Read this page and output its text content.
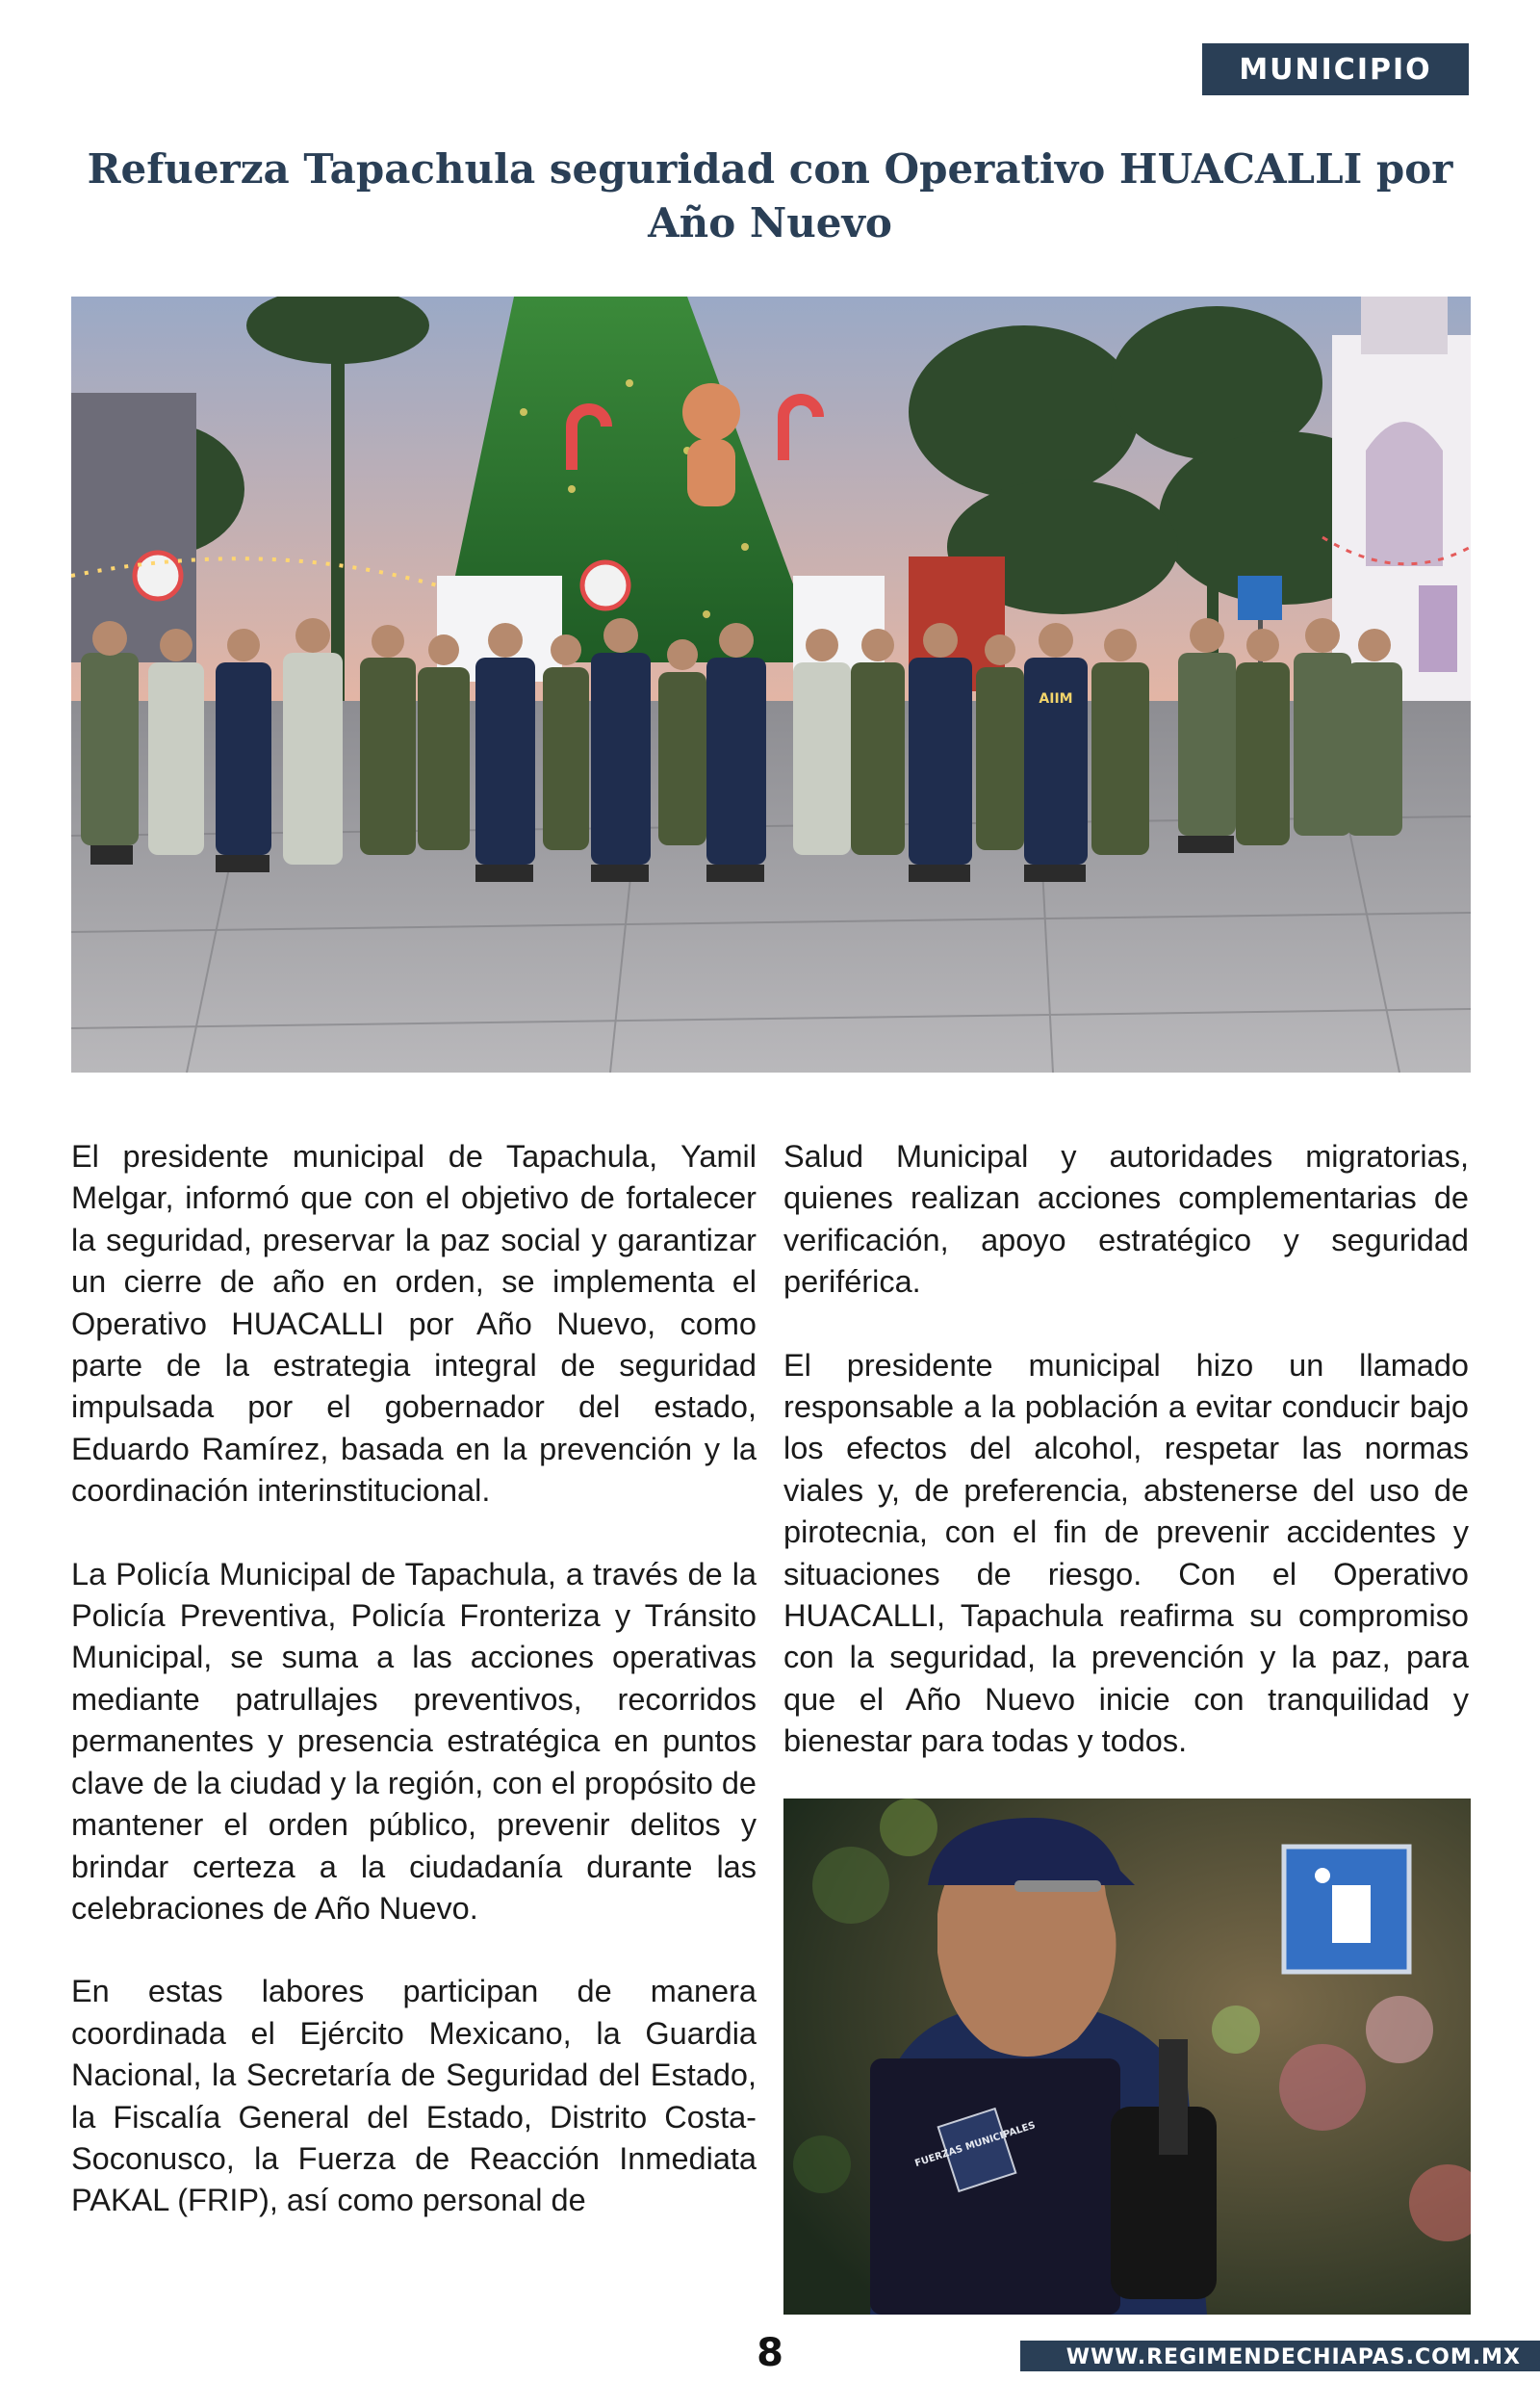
MUNICIPIO
Refuerza Tapachula seguridad con Operativo HUACALLI por Año Nuevo
AIIM

El presidente municipal de Tapachula, Yamil Melgar, informó que con el objetivo de fortalecer la seguridad, preservar la paz social y garantizar un cierre de año en orden, se implementa el Operativo HUACALLI por Año Nuevo, como parte de la estrategia integral de seguridad impulsada por el gobernador del estado, Eduardo Ramírez, basada en la prevención y la coordinación interinstitucional.

La Policía Municipal de Tapachula, a través de la Policía Preventiva, Policía Fronteriza y Tránsito Municipal, se suma a las acciones operativas mediante patrullajes preventivos, recorridos permanentes y presencia estratégica en puntos clave de la ciudad y la región, con el propósito de mantener el orden público, prevenir delitos y brindar certeza a la ciudadanía durante las celebraciones de Año Nuevo.

En estas labores participan de manera coordinada el Ejército Mexicano, la Guardia Nacional, la Secretaría de Seguridad del Estado, la Fiscalía General del Estado, Distrito Costa-Soconusco, la Fuerza de Reacción Inmediata PAKAL (FRIP), así como personal de

Salud Municipal y autoridades migratorias, quienes realizan acciones complementarias de verificación, apoyo estratégico y seguridad periférica.

El presidente municipal hizo un llamado responsable a la población a evitar conducir bajo los efectos del alcohol, respetar las normas viales y, de preferencia, abstenerse del uso de pirotecnia, con el fin de prevenir accidentes y situaciones de riesgo. Con el Operativo HUACALLI, Tapachula reafirma su compromiso con la seguridad, la prevención y la paz, para que el Año Nuevo inicie con tranquilidad y bienestar para todas y todos.

FUERZAS MUNICIPALES
8	WWW.REGIMENDECHIAPAS.COM.MX
